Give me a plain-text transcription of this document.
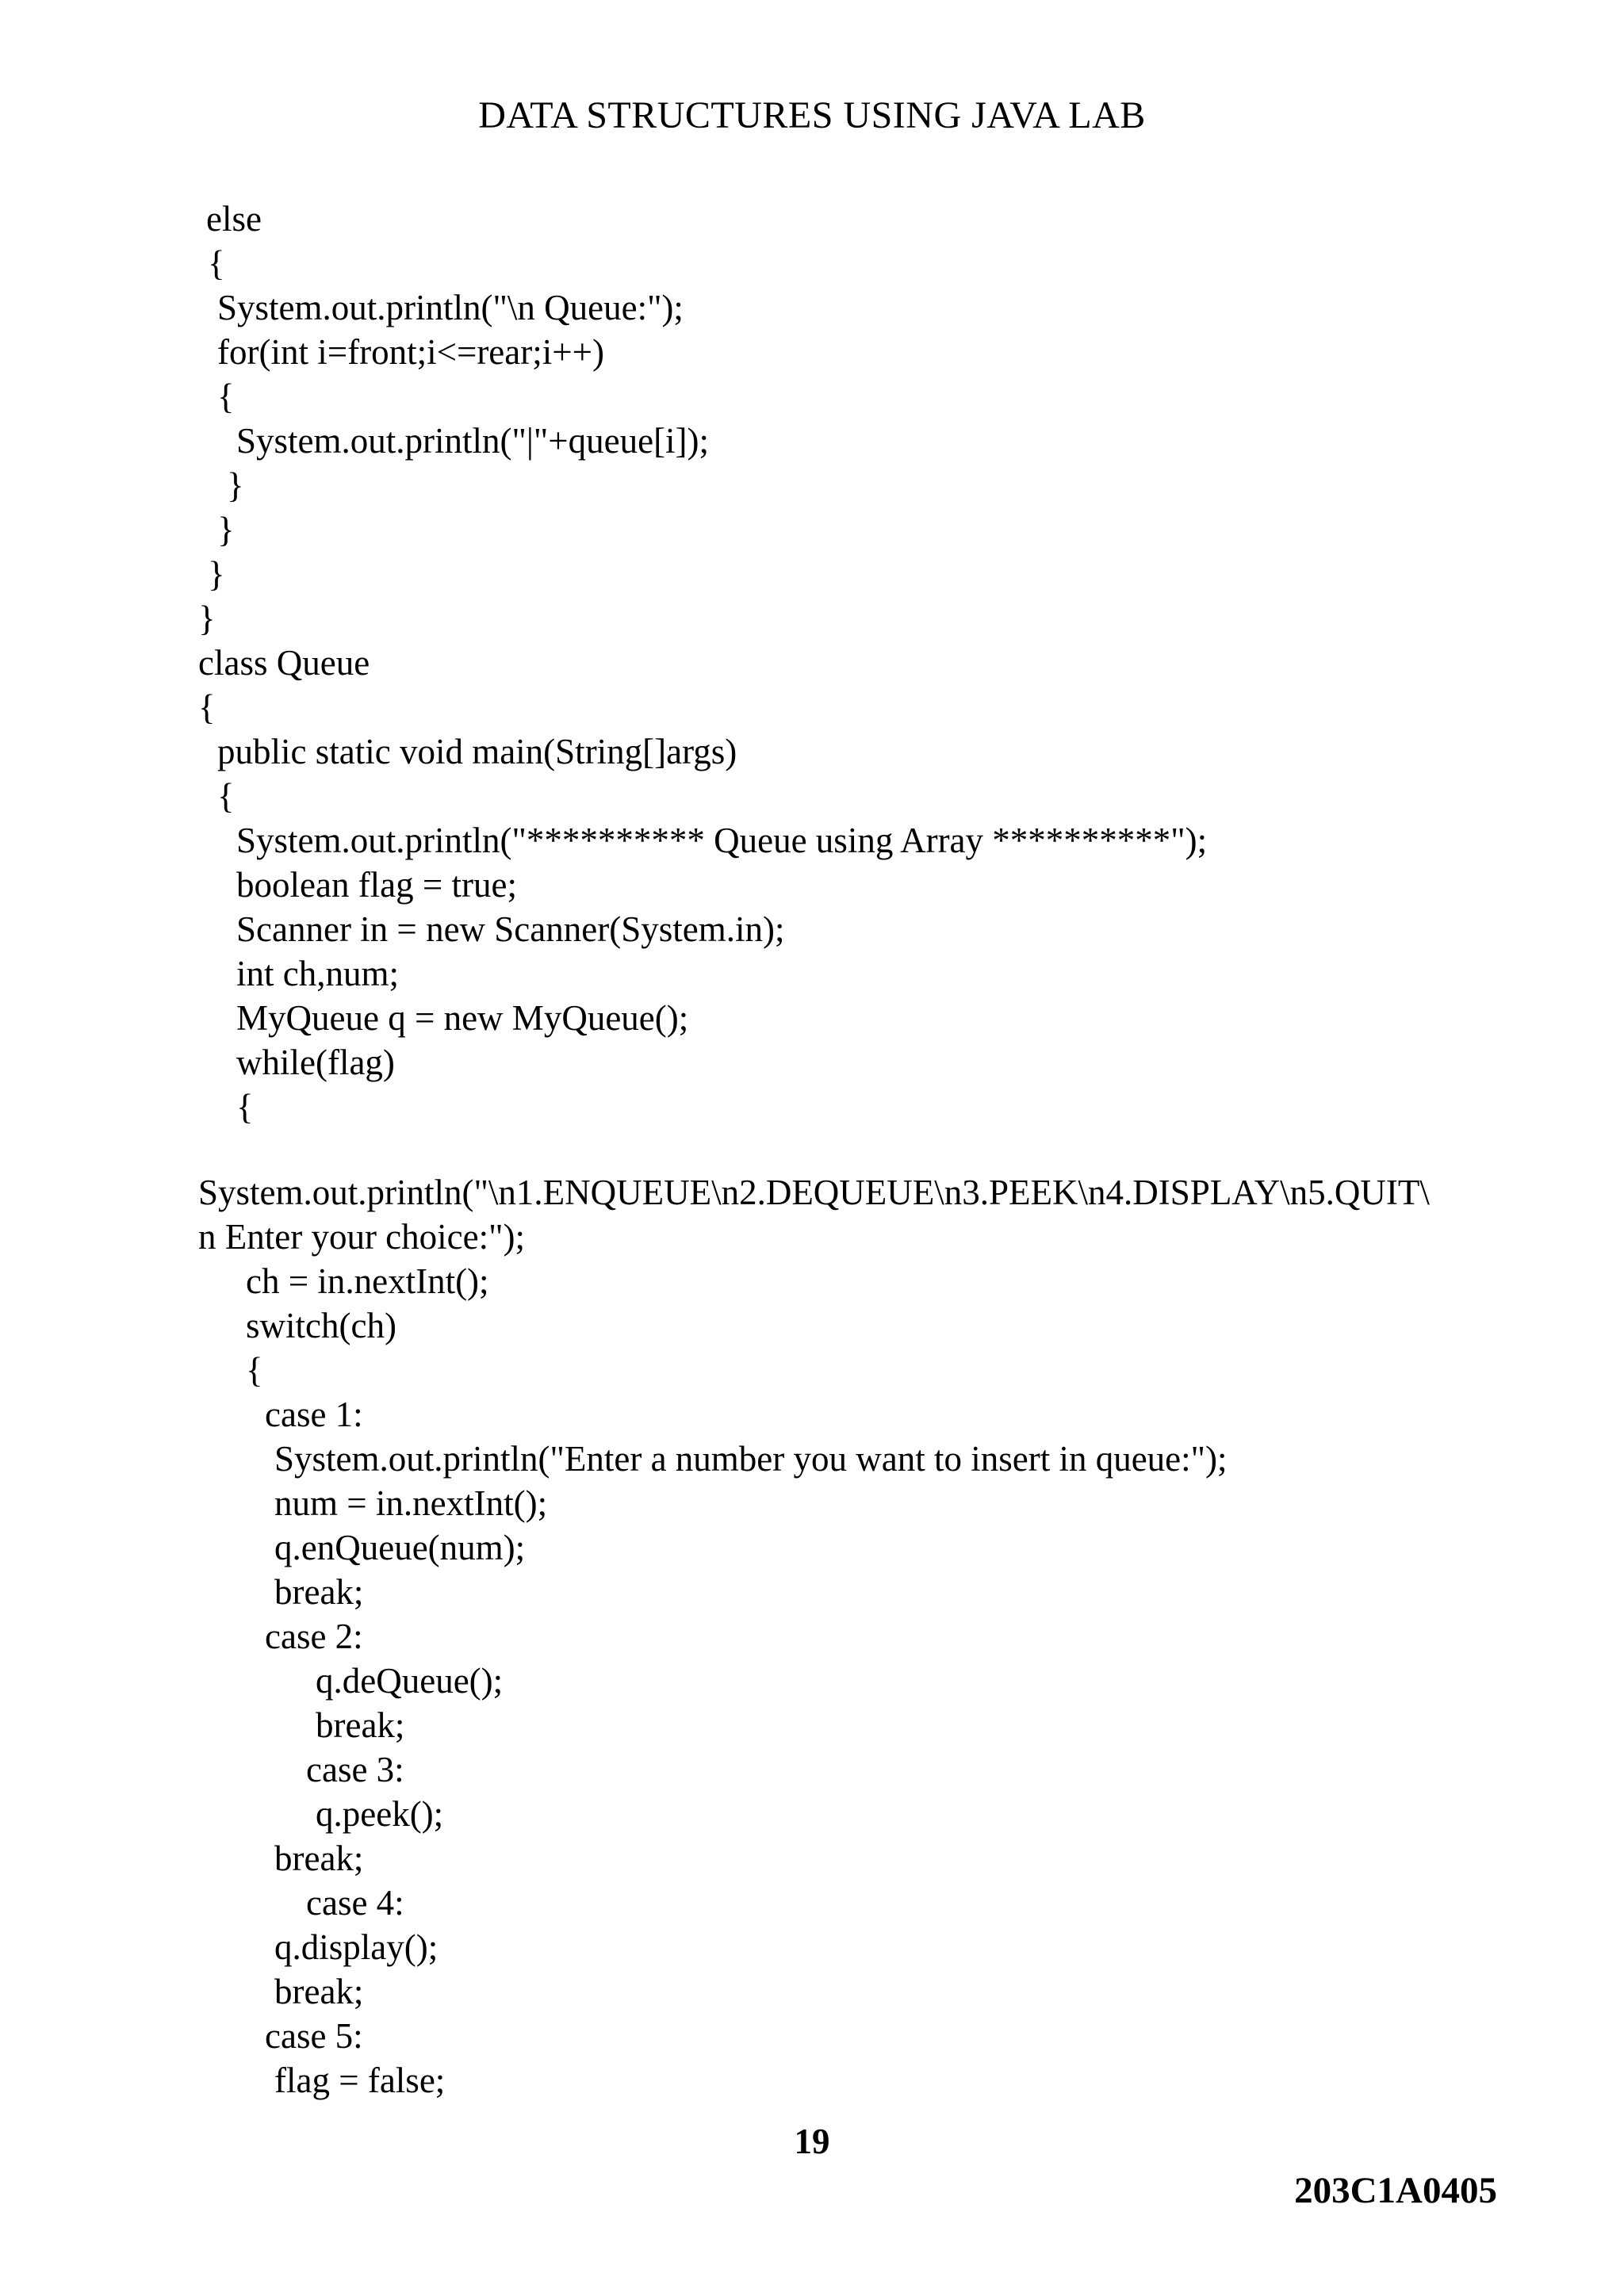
DATA STRUCTURES USING JAVA LAB
else
{
System.out.println("\n Queue:");
for(int i=front;i<=rear;i++)
{
System.out.println("|"+queue[i]);
}
}
}
}
class Queue
{
public static void main(String[]args)
{
System.out.println("********** Queue using Array **********");
boolean flag = true;
Scanner in = new Scanner(System.in);
int ch,num;
MyQueue q = new MyQueue();
while(flag)
{
System.out.println("\n1.ENQUEUE\n2.DEQUEUE\n3.PEEK\n4.DISPLAY\n5.QUIT\
n Enter your choice:");
ch = in.nextInt();
switch(ch)
{
case 1:
System.out.println("Enter a number you want to insert in queue:");
num = in.nextInt();
q.enQueue(num);
break;
case 2:
q.deQueue();
break;
case 3:
q.peek();
break;
case 4:
q.display();
break;
case 5:
flag = false;
19
203C1A0405
